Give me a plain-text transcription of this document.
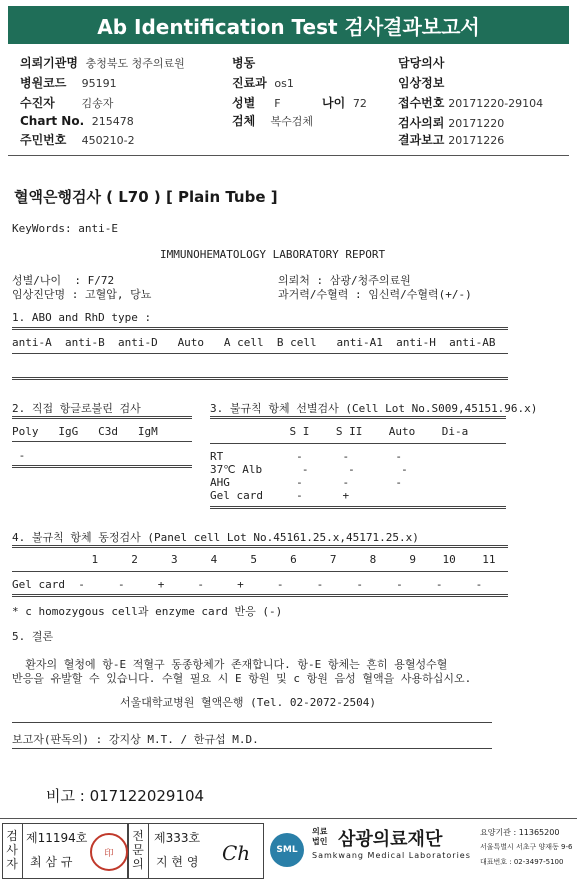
Ab Identification Test 검사결과보고서
의뢰기관명 충청북도 청주의료원
병원코드 95191
수진자 김송자
Chart No. 215478
주민번호 450210-2
병동
진료과 os1
성별 F	나이 72
검체 복수검체
담당의사
임상정보
접수번호 20171220-29104
검사의뢰 20171220
결과보고 20171226
혈액은행검사 ( L70 ) [ Plain Tube ]
KeyWords: anti-E
IMMUNOHEMATOLOGY LABORATORY REPORT
성별/나이  : F/72
임상진단명 : 고혈압, 당뇨
의뢰처 : 삼광/청주의료원
과거력/수혈력 : 임신력/수혈력(+/-)
1. ABO and RhD type :
anti-A  anti-B  anti-D   Auto   A cell  B cell   anti-A1  anti-H  anti-AB
2. 직접 항글로불린 검사
Poly   IgG   C3d   IgM
-
3. 불규칙 항체 선별검사 (Cell Lot No.S009,45151.96.x)
S I    S II    Auto    Di-a
RT           -      -       -
37℃ Alb      -      -       -
AHG          -      -       -
Gel card     -      +
4. 불규칙 항체 동정검사 (Panel cell Lot No.45161.25.x,45171.25.x)
1     2     3     4     5     6     7     8     9    10    11
Gel card  -     -     +     -     +     -     -     -     -     -     -
* c homozygous cell과 enzyme card 반응 (-)
5. 결론
환자의 혈청에 항-E 적혈구 동종항체가 존재합니다. 항-E 항체는 흔히 용혈성수혈
반응을 유발할 수 있습니다. 수혈 필요 시 E 항원 및 c 항원 음성 혈액을 사용하십시오.
서울대학교병원 혈액은행 (Tel. 02-2072-2504)
보고자(판독의) : 강지상 M.T. / 한규섭 M.D.
비고 : 017122029104
검사자
제11194호
최 삼 규
印
전문의
제333호
지 현 영 Ch	SML
의료법인 삼광의료재단
Samkwang Medical Laboratories
요양기관 : 11365200
서울특별시 서초구 양재동 9-6
대표번호 : 02-3497-5100
